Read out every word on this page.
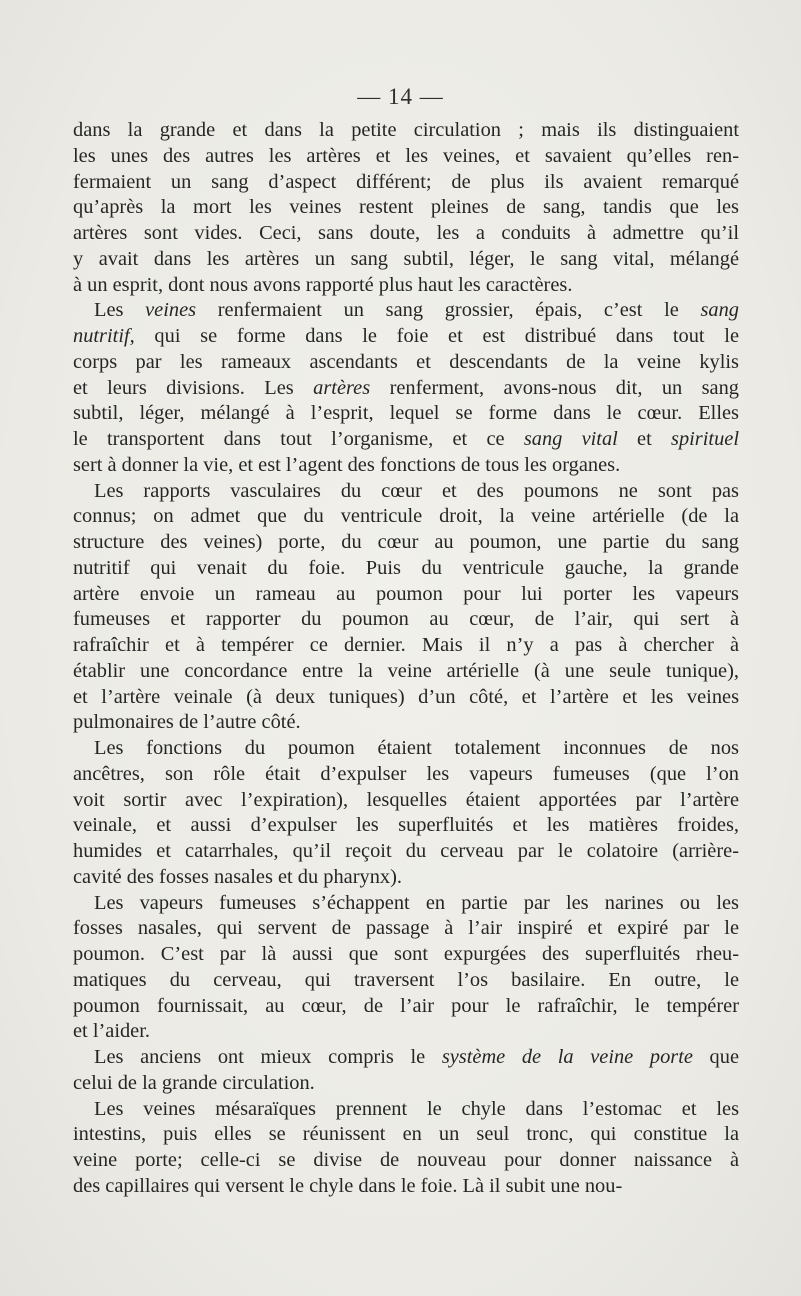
— 14 —

dans la grande et dans la petite circulation ; mais ils distinguaient

les unes des autres les artères et les veines, et savaient qu’elles ren-

fermaient un sang d’aspect différent; de plus ils avaient remarqué

qu’après la mort les veines restent pleines de sang, tandis que les

artères sont vides. Ceci, sans doute, les a conduits à admettre qu’il

y avait dans les artères un sang subtil, léger, le sang vital, mélangé

à un esprit, dont nous avons rapporté plus haut les caractères.

Les veines renfermaient un sang grossier, épais, c’est le sang

nutritif, qui se forme dans le foie et est distribué dans tout le

corps par les rameaux ascendants et descendants de la veine kylis

et leurs divisions. Les artères renferment, avons-nous dit, un sang

subtil, léger, mélangé à l’esprit, lequel se forme dans le cœur. Elles

le transportent dans tout l’organisme, et ce sang vital et spirituel

sert à donner la vie, et est l’agent des fonctions de tous les organes.

Les rapports vasculaires du cœur et des poumons ne sont pas

connus; on admet que du ventricule droit, la veine artérielle (de la

structure des veines) porte, du cœur au poumon, une partie du sang

nutritif qui venait du foie. Puis du ventricule gauche, la grande

artère envoie un rameau au poumon pour lui porter les vapeurs

fumeuses et rapporter du poumon au cœur, de l’air, qui sert à

rafraîchir et à tempérer ce dernier. Mais il n’y a pas à chercher à

établir une concordance entre la veine artérielle (à une seule tunique),

et l’artère veinale (à deux tuniques) d’un côté, et l’artère et les veines

pulmonaires de l’autre côté.

Les fonctions du poumon étaient totalement inconnues de nos

ancêtres, son rôle était d’expulser les vapeurs fumeuses (que l’on

voit sortir avec l’expiration), lesquelles étaient apportées par l’artère

veinale, et aussi d’expulser les superfluités et les matières froides,

humides et catarrhales, qu’il reçoit du cerveau par le colatoire (arrière-

cavité des fosses nasales et du pharynx).

Les vapeurs fumeuses s’échappent en partie par les narines ou les

fosses nasales, qui servent de passage à l’air inspiré et expiré par le

poumon. C’est par là aussi que sont expurgées des superfluités rheu-

matiques du cerveau, qui traversent l’os basilaire. En outre, le

poumon fournissait, au cœur, de l’air pour le rafraîchir, le tempérer

et l’aider.

Les anciens ont mieux compris le système de la veine porte que

celui de la grande circulation.

Les veines mésaraïques prennent le chyle dans l’estomac et les

intestins, puis elles se réunissent en un seul tronc, qui constitue la

veine porte; celle-ci se divise de nouveau pour donner naissance à

des capillaires qui versent le chyle dans le foie. Là il subit une nou-
